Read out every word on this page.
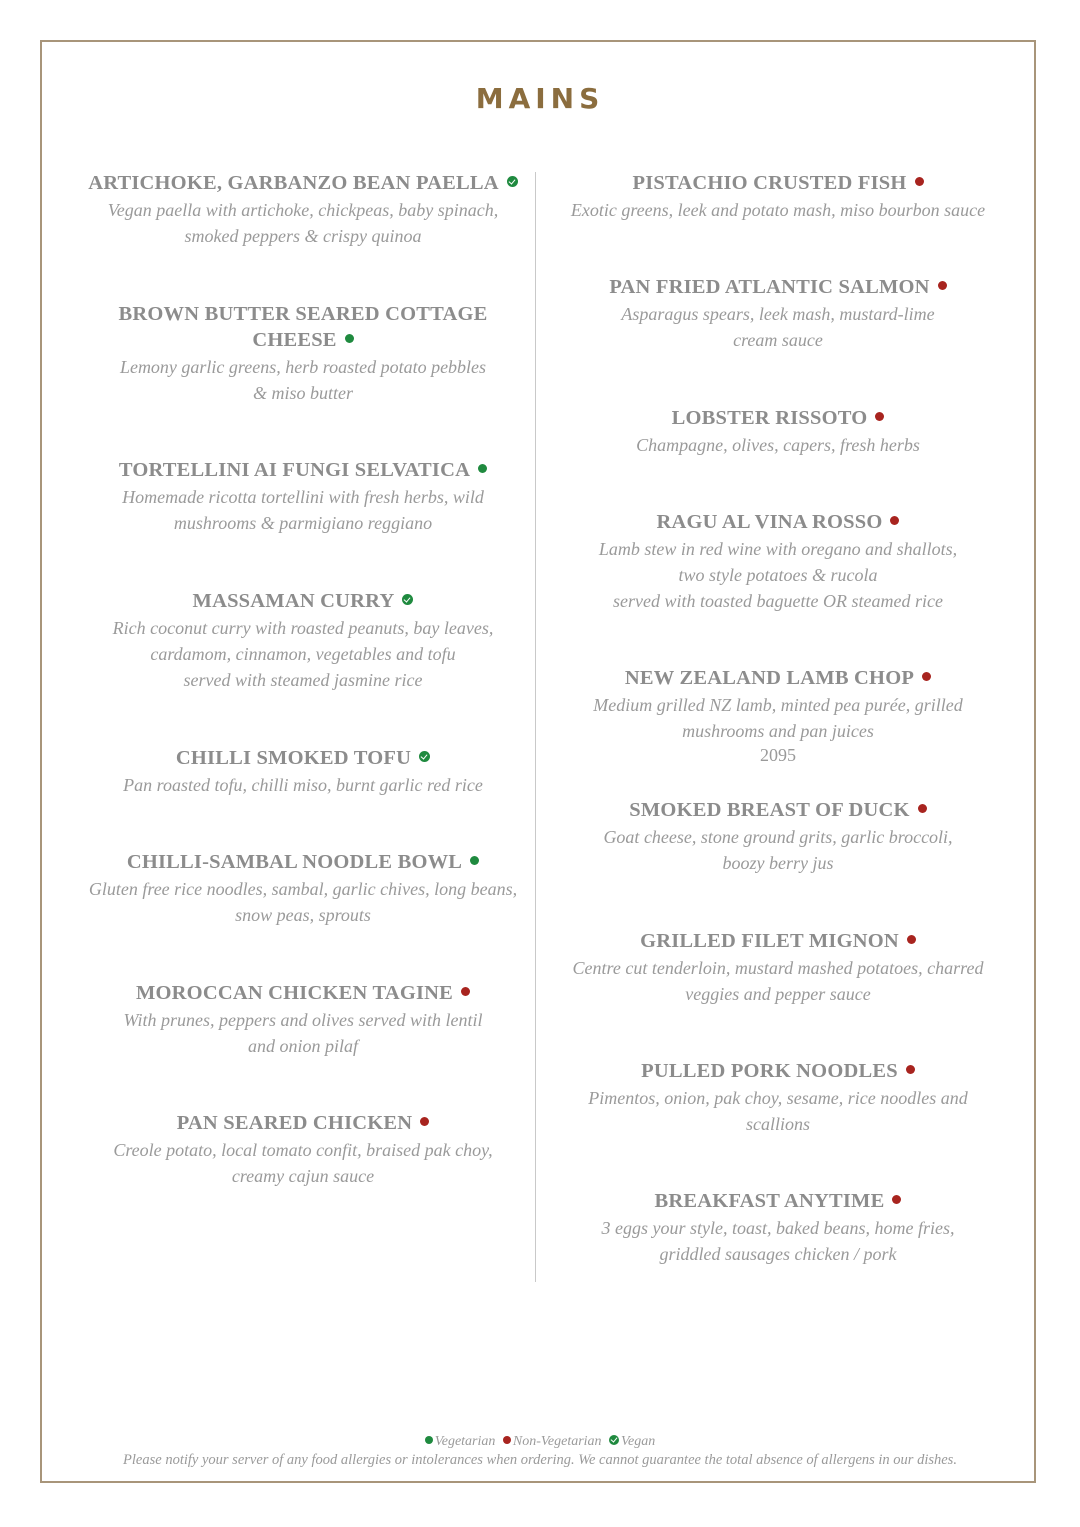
MAINS
ARTICHOKE, GARBANZO BEAN PAELLA
Vegan paella with artichoke, chickpeas, baby spinach,
smoked peppers & crispy quinoa
BROWN BUTTER SEARED COTTAGE
CHEESE
Lemony garlic greens, herb roasted potato pebbles
& miso butter
TORTELLINI AI FUNGI SELVATICA
Homemade ricotta tortellini with fresh herbs, wild
mushrooms & parmigiano reggiano
MASSAMAN CURRY
Rich coconut curry with roasted peanuts, bay leaves,
cardamom, cinnamon, vegetables and tofu
served with steamed jasmine rice
CHILLI SMOKED TOFU
Pan roasted tofu, chilli miso, burnt garlic red rice
CHILLI-SAMBAL NOODLE BOWL
Gluten free rice noodles, sambal, garlic chives, long beans,
snow peas, sprouts
MOROCCAN CHICKEN TAGINE
With prunes, peppers and olives served with lentil
and onion pilaf
PAN SEARED CHICKEN
Creole potato, local tomato confit, braised pak choy,
creamy cajun sauce
PISTACHIO CRUSTED FISH
Exotic greens, leek and potato mash, miso bourbon sauce
PAN FRIED ATLANTIC SALMON
Asparagus spears, leek mash, mustard-lime
cream sauce
LOBSTER RISSOTO
Champagne, olives, capers, fresh herbs
RAGU AL VINA ROSSO
Lamb stew in red wine with oregano and shallots,
two style potatoes & rucola
served with toasted baguette OR steamed rice
NEW ZEALAND LAMB CHOP
Medium grilled NZ lamb, minted pea purée, grilled
mushrooms and pan juices
2095
SMOKED BREAST OF DUCK
Goat cheese, stone ground grits, garlic broccoli,
boozy berry jus
GRILLED FILET MIGNON
Centre cut tenderloin, mustard mashed potatoes, charred
veggies and pepper sauce
PULLED PORK NOODLES
Pimentos, onion, pak choy, sesame, rice noodles and
scallions
BREAKFAST ANYTIME
3 eggs your style, toast, baked beans, home fries,
griddled sausages chicken / pork
Vegetarian Non-Vegetarian Vegan
Please notify your server of any food allergies or intolerances when ordering. We cannot guarantee the total absence of allergens in our dishes.
